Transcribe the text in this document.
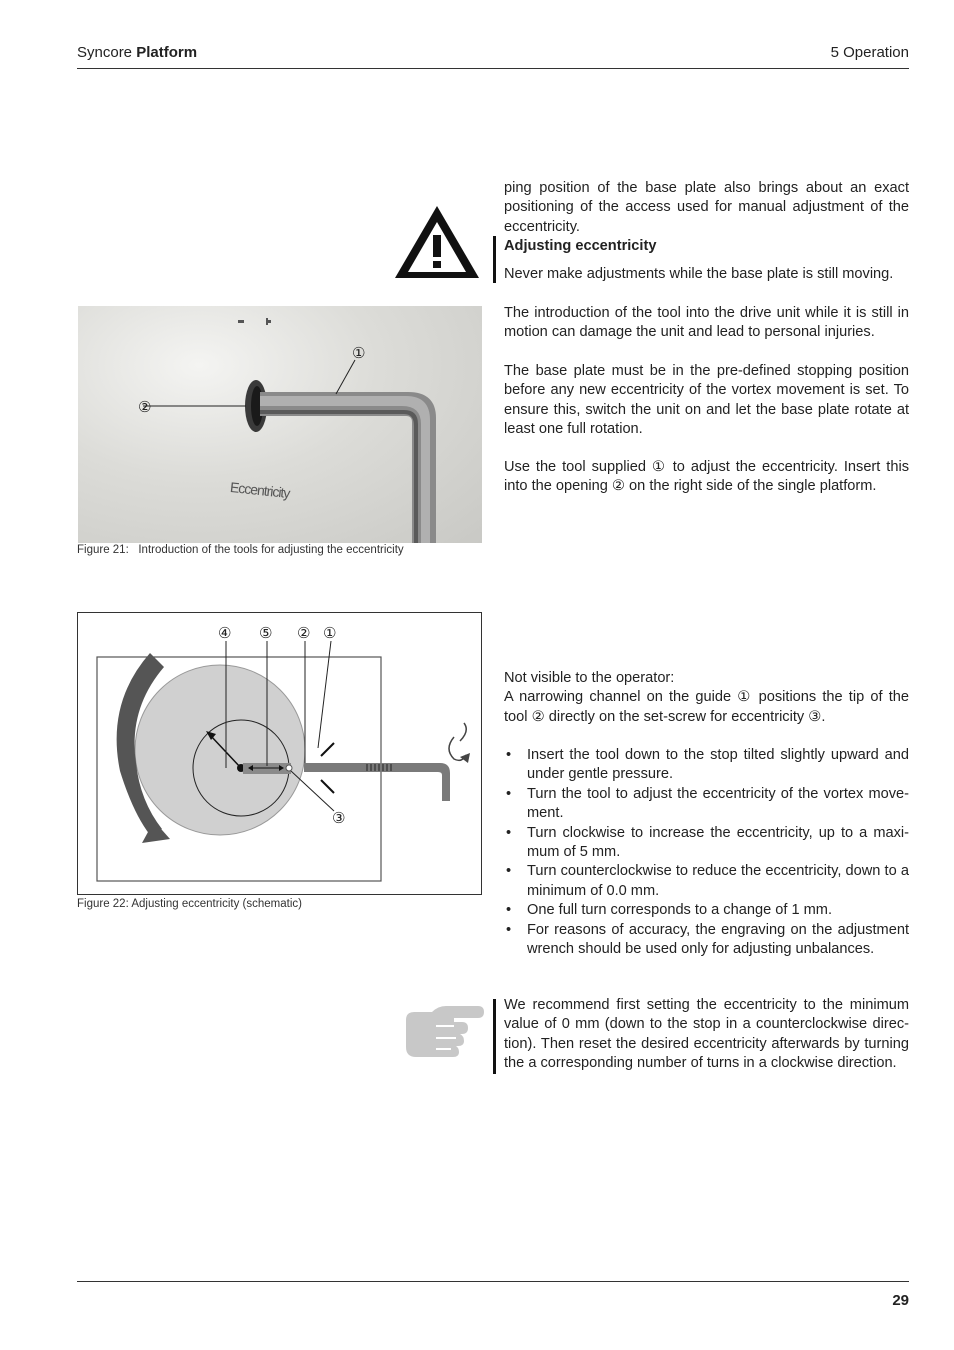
Syncore Platform	5 Operation
ping position of the base plate also brings about an exact positioning of the access used for manual adjustment of the eccentricity.
Adjusting eccentricity
Never make adjustments while the base plate is still moving.
The introduction of the tool into the drive unit while it is still in motion can damage the unit and lead to personal injuries.
The base plate must be in the pre-defined stopping position before any new eccentricity of the vortex movement is set. To ensure this, switch the unit on and let the base plate rotate at least one full rotation.
Use the tool supplied ① to adjust the eccentricity. Insert this into the opening ② on the right side of the single platform.
②
①
Eccentricity
Figure 21:   Introduction of the tools for adjusting the eccentricity
④ ⑤ ② ①
③
Figure 22: Adjusting eccentricity (schematic)

Not visible to the operator:

A narrowing channel on the guide ① positions the tip of the tool ② directly on the set-screw for eccentricity ③.

• Insert the tool down to the stop tilted slightly upward and under gentle pressure.
• Turn the tool to adjust the eccentricity of the vortex move-ment.
• Turn clockwise to increase the eccentricity, up to a maxi-mum of 5 mm.
• Turn counterclockwise to reduce the eccentricity, down to a minimum of 0.0 mm.
• One full turn corresponds to a change of 1 mm.
• For reasons of accuracy, the engraving on the adjustment wrench should be used only for adjusting unbalances.
We recommend first setting the eccentricity to the minimum value of 0 mm (down to the stop in a counterclockwise direc-tion). Then reset the desired eccentricity afterwards by turning the a corresponding number of turns in a clockwise direction.
29
